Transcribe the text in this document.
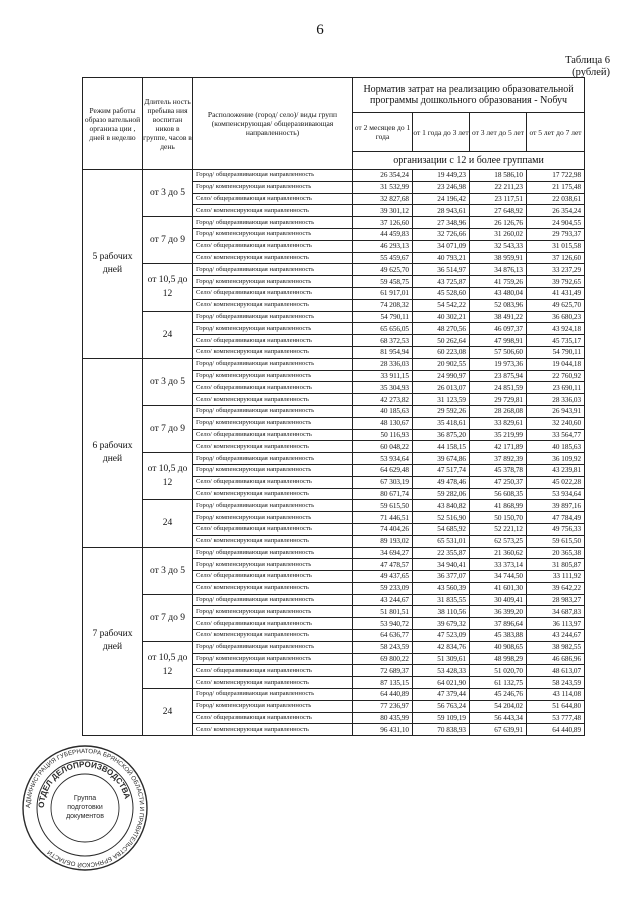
6
Таблица 6
(рублей)
Режим работы образо вательной организа ции , дней в неделю	Длитель ность пребыва ния воспитан ников в группе, часов в день	Расположение (город/ село)/ виды групп (компенсирующая/ общеразвивающая направленность)	Норматив затрат на реализацию образовательной программы дошкольного образования - Nобуч			
			от 2 месяцев до 1 года	от 1 года до 3 лет	от 3 лет до 5 лет	от 5 лет до 7 лет
			организации с 12 и более группами			
5 рабочих дней	от 3 до 5	Город/ общеразвивающая направленность	26 354,24	19 449,23	18 586,10	17 722,98
		Город/ компенсирующая направленность	31 532,99	23 246,98	22 211,23	21 175,48
		Село/ общеразвивающая направленность	32 827,68	24 196,42	23 117,51	22 038,61
		Село/ компенсирующая направленность	39 301,12	28 943,61	27 648,92	26 354,24
	от 7 до 9	Город/ общеразвивающая направленность	37 126,60	27 348,96	26 126,76	24 904,55
		Город/ компенсирующая направленность	44 459,83	32 726,66	31 260,02	29 793,37
		Село/ общеразвивающая направленность	46 293,13	34 071,09	32 543,33	31 015,58
		Село/ компенсирующая направленность	55 459,67	40 793,21	38 959,91	37 126,60
	от 10,5 до 12	Город/ общеразвивающая направленность	49 625,70	36 514,97	34 876,13	33 237,29
		Город/ компенсирующая направленность	59 458,75	43 725,87	41 759,26	39 792,65
		Село/ общеразвивающая направленность	61 917,01	45 528,60	43 480,04	41 431,49
		Село/ компенсирующая направленность	74 208,32	54 542,22	52 083,96	49 625,70
	24	Город/ общеразвивающая направленность	54 790,11	40 302,21	38 491,22	36 680,23
		Город/ компенсирующая направленность	65 656,05	48 270,56	46 097,37	43 924,18
		Село/ общеразвивающая направленность	68 372,53	50 262,64	47 998,91	45 735,17
		Село/ компенсирующая направленность	81 954,94	60 223,08	57 506,60	54 790,11
6 рабочих дней	от 3 до 5	Город/ общеразвивающая направленность	28 336,03	20 902,55	19 973,36	19 044,18
		Город/ компенсирующая направленность	33 911,15	24 990,97	23 875,94	22 760,92
		Село/ общеразвивающая направленность	35 304,93	26 013,07	24 851,59	23 690,11
		Село/ компенсирующая направленность	42 273,82	31 123,59	29 729,81	28 336,03
	от 7 до 9	Город/ общеразвивающая направленность	40 185,63	29 592,26	28 268,08	26 943,91
		Город/ компенсирующая направленность	48 130,67	35 418,61	33 829,61	32 240,60
		Село/ общеразвивающая направленность	50 116,93	36 875,20	35 219,99	33 564,77
		Село/ компенсирующая направленность	60 048,22	44 158,15	42 171,89	40 185,63
	от 10,5 до 12	Город/ общеразвивающая направленность	53 934,64	39 674,86	37 892,39	36 109,92
		Город/ компенсирующая направленность	64 629,48	47 517,74	45 378,78	43 239,81
		Село/ общеразвивающая направленность	67 303,19	49 478,46	47 250,37	45 022,28
		Село/ компенсирующая направленность	80 671,74	59 282,06	56 608,35	53 934,64
	24	Город/ общеразвивающая направленность	59 615,50	43 840,82	41 868,99	39 897,16
		Город/ компенсирующая направленность	71 446,51	52 516,90	50 150,70	47 784,49
		Село/ общеразвивающая направленность	74 404,26	54 685,92	52 221,12	49 756,33
		Село/ компенсирующая направленность	89 193,02	65 531,01	62 573,25	59 615,50
7 рабочих дней	от 3 до 5	Город/ общеразвивающая направленность	34 694,27	22 355,87	21 360,62	20 365,38
		Город/ компенсирующая направленность	47 478,57	34 940,41	33 373,14	31 805,87
		Село/ общеразвивающая направленность	49 437,65	36 377,07	34 744,50	33 111,92
		Село/ компенсирующая направленность	59 233,09	43 560,39	41 601,30	39 642,22
	от 7 до 9	Город/ общеразвивающая направленность	43 244,67	31 835,55	30 409,41	28 983,27
		Город/ компенсирующая направленность	51 801,51	38 110,56	36 399,20	34 687,83
		Село/ общеразвивающая направленность	53 940,72	39 679,32	37 896,64	36 113,97
		Село/ компенсирующая направленность	64 636,77	47 523,09	45 383,88	43 244,67
	от 10,5 до 12	Город/ общеразвивающая направленность	58 243,59	42 834,76	40 908,65	38 982,55
		Город/ компенсирующая направленность	69 800,22	51 309,61	48 998,29	46 686,96
		Село/ общеразвивающая направленность	72 689,37	53 428,33	51 020,70	48 613,07
		Село/ компенсирующая направленность	87 135,15	64 021,90	61 132,75	58 243,59
	24	Город/ общеразвивающая направленность	64 440,89	47 379,44	45 246,76	43 114,08
		Город/ компенсирующая направленность	77 236,97	56 763,24	54 204,02	51 644,80
		Село/ общеразвивающая направленность	80 435,99	59 109,19	56 443,34	53 777,48
		Село/ компенсирующая направленность	96 431,10	70 838,93	67 639,91	64 440,89
АДМИНИСТРАЦИЯ ГУБЕРНАТОРА БРЯНСКОЙ ОБЛАСТИ И ПРАВИТЕЛЬСТВА БРЯНСКОЙ ОБЛАСТИ
ОТДЕЛ ДЕЛОПРОИЗВОДСТВА
Группа
подготовки
документов
